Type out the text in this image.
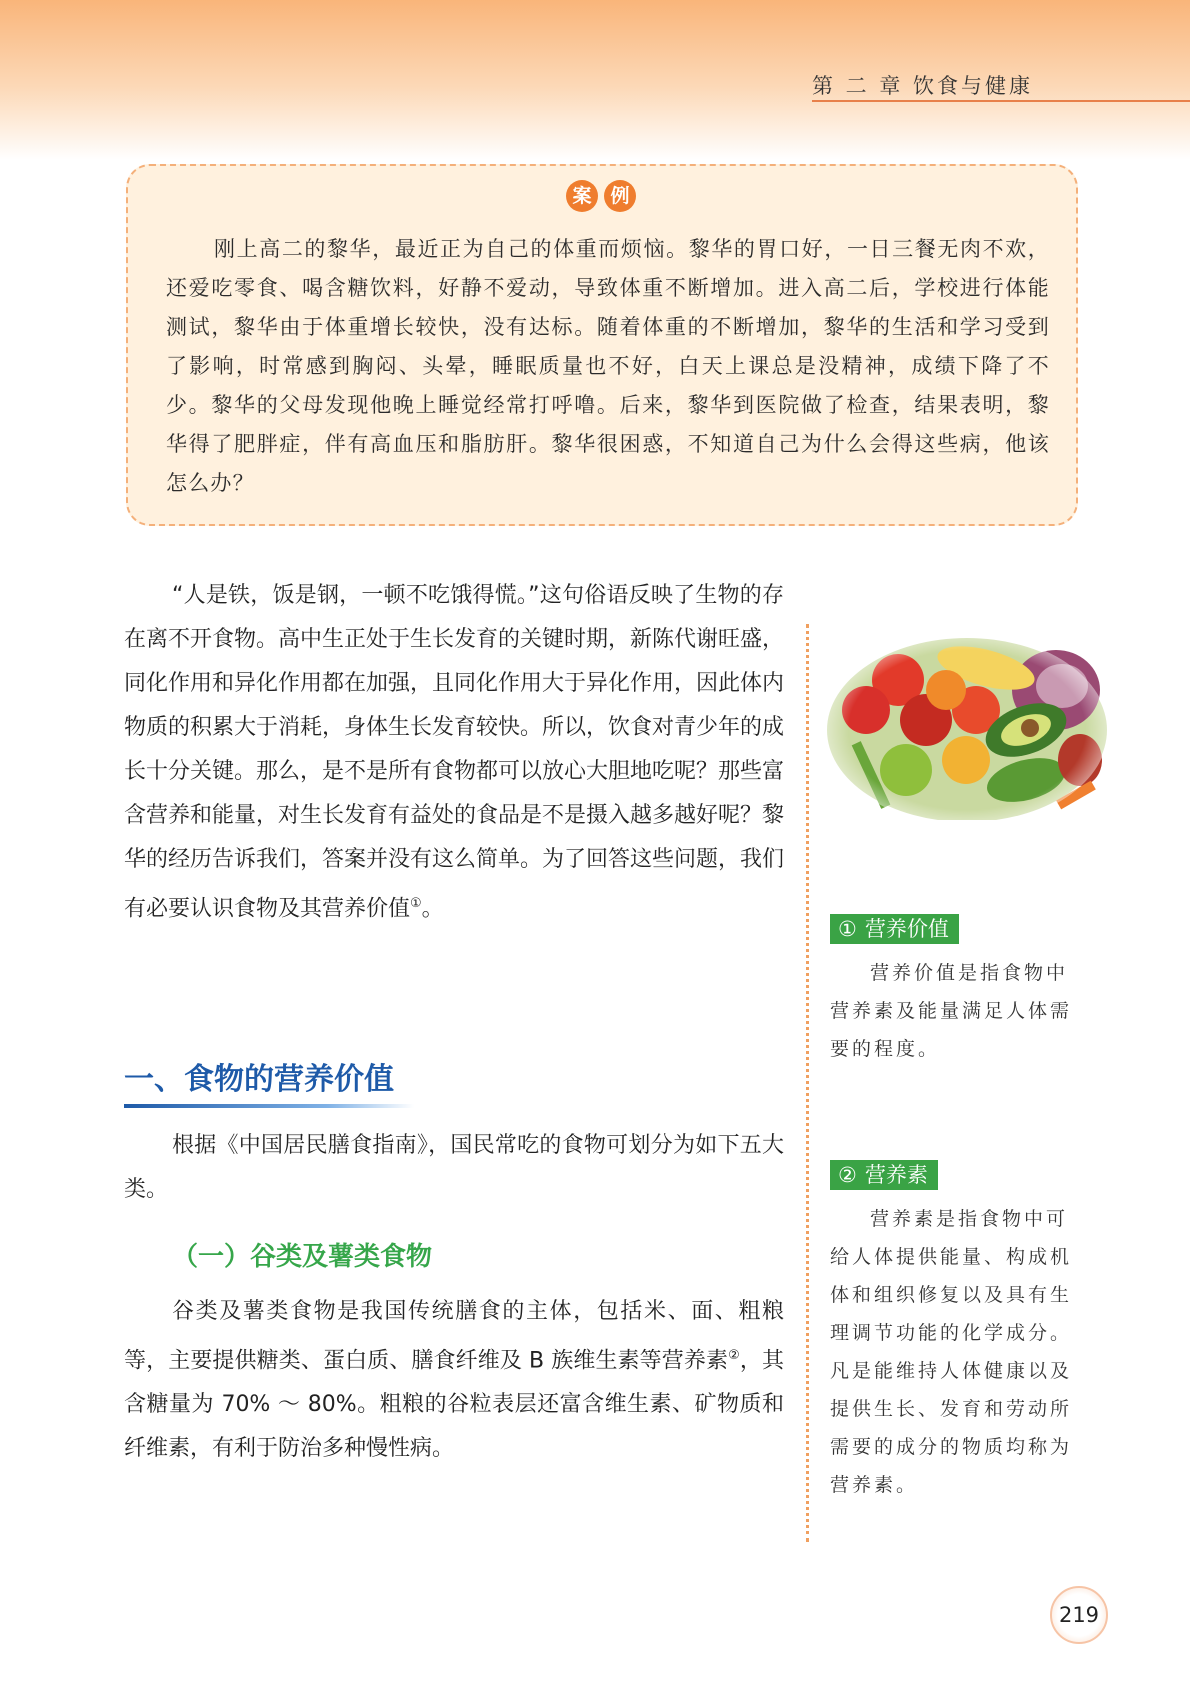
第 二 章 饮食与健康
案 例

刚上高二的黎华，最近正为自己的体重而烦恼。黎华的胃口好，一日三餐无肉不欢，还爱吃零食、喝含糖饮料，好静不爱动，导致体重不断增加。进入高二后，学校进行体能测试，黎华由于体重增长较快，没有达标。随着体重的不断增加，黎华的生活和学习受到了影响，时常感到胸闷、头晕，睡眠质量也不好，白天上课总是没精神，成绩下降了不少。黎华的父母发现他晚上睡觉经常打呼噜。后来，黎华到医院做了检查，结果表明，黎华得了肥胖症，伴有高血压和脂肪肝。黎华很困惑，不知道自己为什么会得这些病，他该怎么办？

“人是铁，饭是钢，一顿不吃饿得慌。”这句俗语反映了生物的存在离不开食物。高中生正处于生长发育的关键时期，新陈代谢旺盛，同化作用和异化作用都在加强，且同化作用大于异化作用，因此体内物质的积累大于消耗，身体生长发育较快。所以，饮食对青少年的成长十分关键。那么，是不是所有食物都可以放心大胆地吃呢？那些富含营养和能量，对生长发育有益处的食品是不是摄入越多越好呢？黎华的经历告诉我们，答案并没有这么简单。为了回答这些问题，我们有必要认识食物及其营养价值①。

一、食物的营养价值

根据《中国居民膳食指南》，国民常吃的食物可划分为如下五大类。

（一）谷类及薯类食物

谷类及薯类食物是我国传统膳食的主体，包括米、面、粗粮等，主要提供糖类、蛋白质、膳食纤维及 B 族维生素等营养素②，其含糖量为 70% ～ 80%。粗粮的谷粒表层还富含维生素、矿物质和纤维素，有利于防治多种慢性病。

① 营养价值

营养价值是指食物中营养素及能量满足人体需要的程度。

② 营养素

营养素是指食物中可给人体提供能量、构成机体和组织修复以及具有生理调节功能的化学成分。凡是能维持人体健康以及提供生长、发育和劳动所需要的成分的物质均称为营养素。

219
